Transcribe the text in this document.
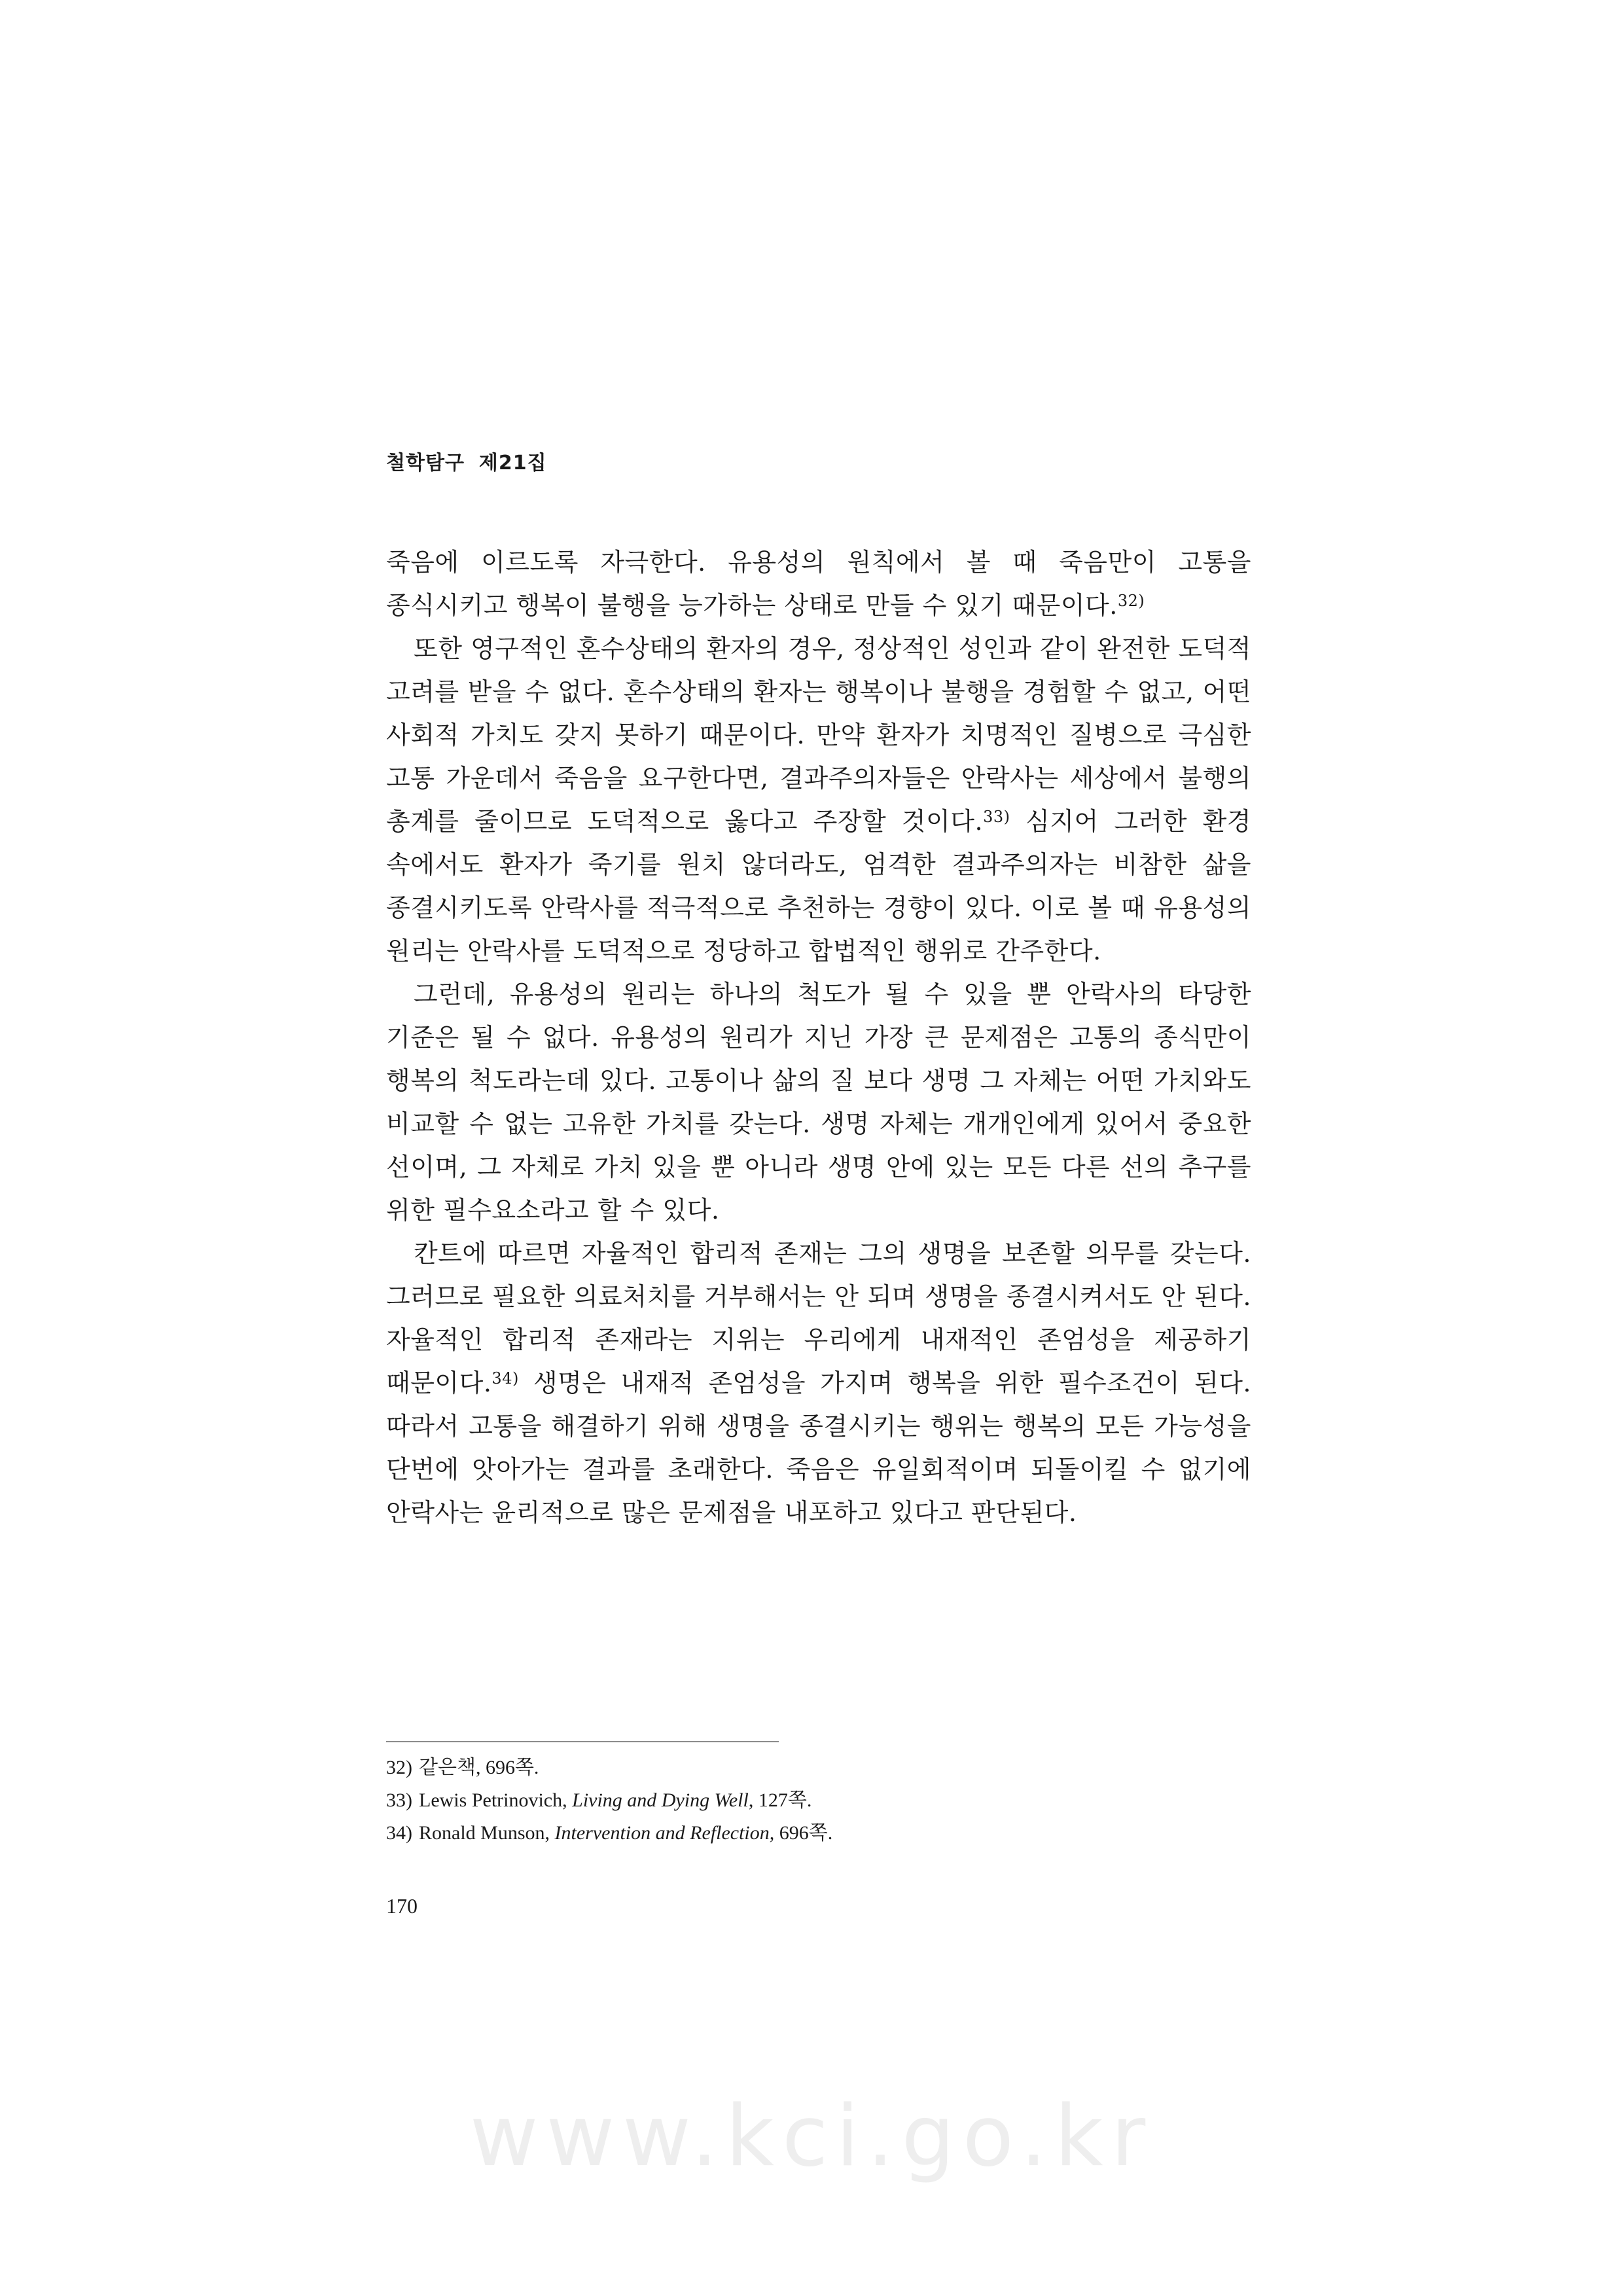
철학탐구 제21집

죽음에 이르도록 자극한다. 유용성의 원칙에서 볼 때 죽음만이 고통을 종식시키고 행복이 불행을 능가하는 상태로 만들 수 있기 때문이다.$^{32)}$

또한 영구적인 혼수상태의 환자의 경우, 정상적인 성인과 같이 완전한 도덕적 고려를 받을 수 없다. 혼수상태의 환자는 행복이나 불행을 경험할 수 없고, 어떤 사회적 가치도 갖지 못하기 때문이다. 만약 환자가 치명적인 질병으로 극심한 고통 가운데서 죽음을 요구한다면, 결과주의자들은 안락사는 세상에서 불행의 총계를 줄이므로 도덕적으로 옳다고 주장할 것이다.$^{33)}$ 심지어 그러한 환경 속에서도 환자가 죽기를 원치 않더라도, 엄격한 결과주의자는 비참한 삶을 종결시키도록 안락사를 적극적으로 추천하는 경향이 있다. 이로 볼 때 유용성의 원리는 안락사를 도덕적으로 정당하고 합법적인 행위로 간주한다.

그런데, 유용성의 원리는 하나의 척도가 될 수 있을 뿐 안락사의 타당한 기준은 될 수 없다. 유용성의 원리가 지닌 가장 큰 문제점은 고통의 종식만이 행복의 척도라는데 있다. 고통이나 삶의 질 보다 생명 그 자체는 어떤 가치와도 비교할 수 없는 고유한 가치를 갖는다. 생명 자체는 개개인에게 있어서 중요한 선이며, 그 자체로 가치 있을 뿐 아니라 생명 안에 있는 모든 다른 선의 추구를 위한 필수요소라고 할 수 있다.

칸트에 따르면 자율적인 합리적 존재는 그의 생명을 보존할 의무를 갖는다. 그러므로 필요한 의료처치를 거부해서는 안 되며 생명을 종결시켜서도 안 된다. 자율적인 합리적 존재라는 지위는 우리에게 내재적인 존엄성을 제공하기 때문이다.$^{34)}$ 생명은 내재적 존엄성을 가지며 행복을 위한 필수조건이 된다. 따라서 고통을 해결하기 위해 생명을 종결시키는 행위는 행복의 모든 가능성을 단번에 앗아가는 결과를 초래한다. 죽음은 유일회적이며 되돌이킬 수 없기에 안락사는 윤리적으로 많은 문제점을 내포하고 있다고 판단된다.

32) 같은책, 696쪽.
33) Lewis Petrinovich, Living and Dying Well, 127쪽.
34) Ronald Munson, Intervention and Reflection, 696쪽.
170
www.kci.go.kr
